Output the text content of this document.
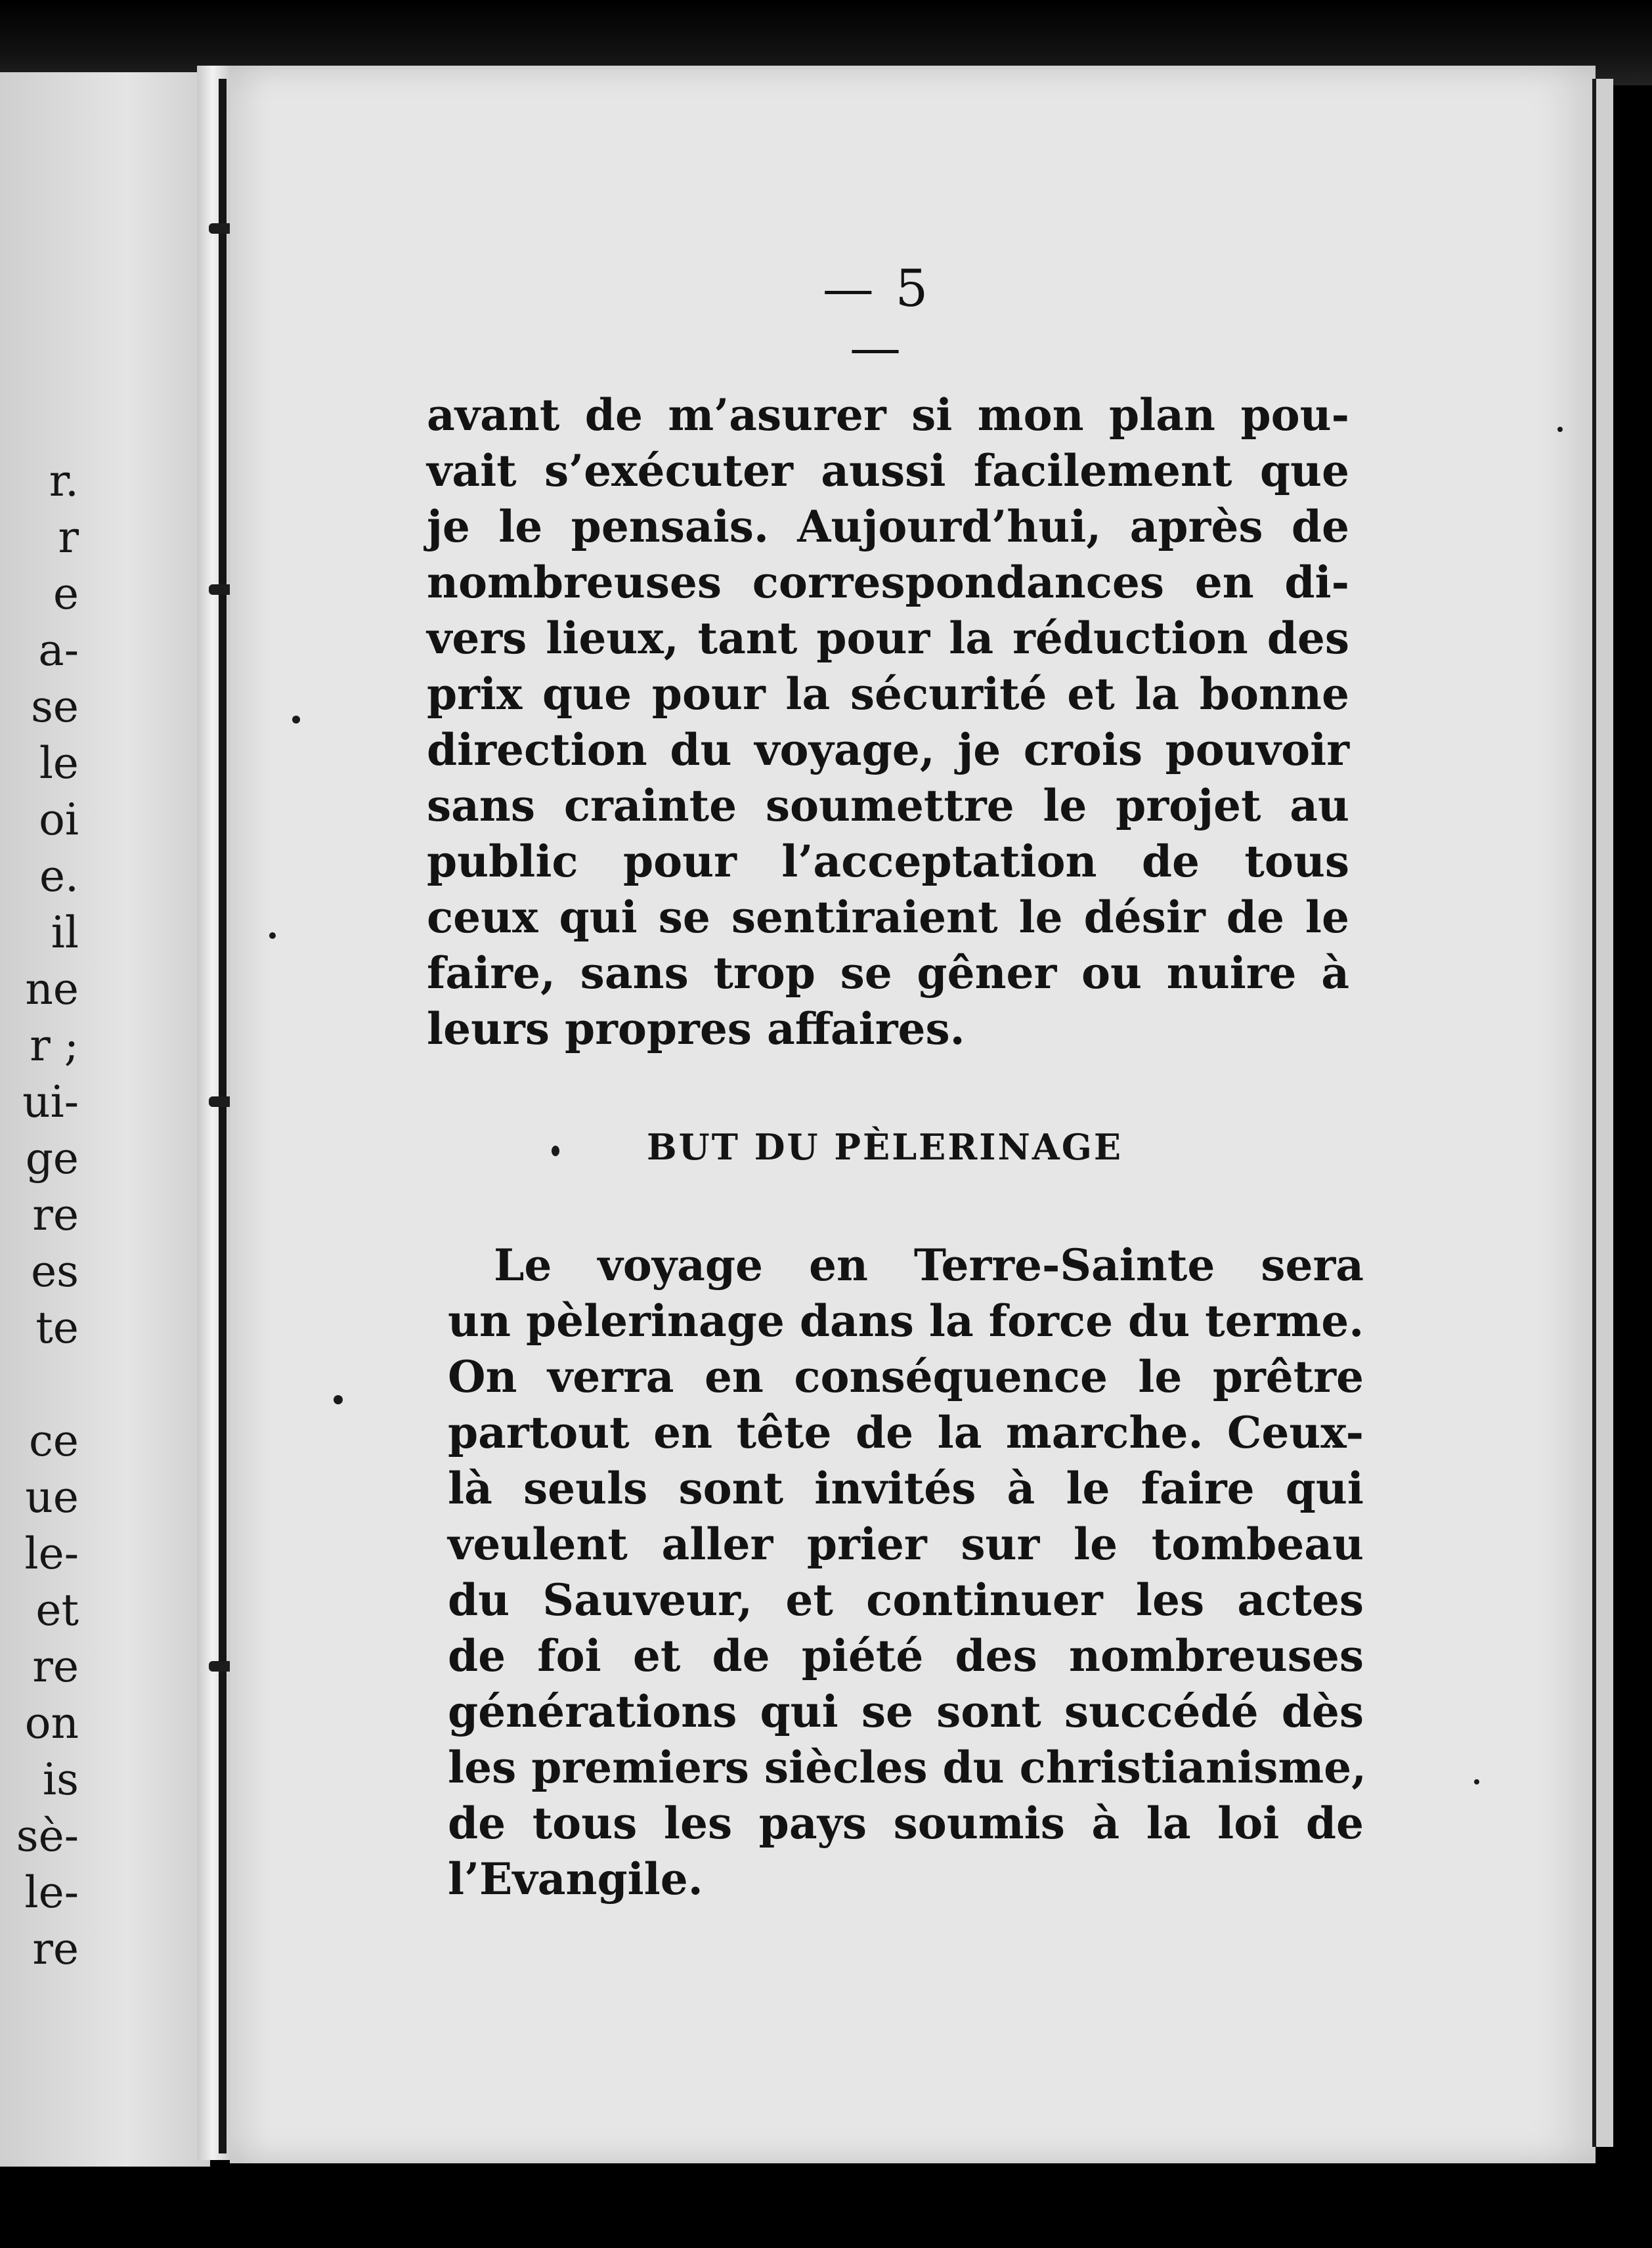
r.
r
e
a-
se
le
oi
e.
il
ne
r ;
ui-
ge
re
es
te

ce
ue
le-
et
re
on
is
sè-
le-
re
— 5 —
avant de m’asurer si mon plan pou-
vait s’exécuter aussi facilement que
je le pensais. Aujourd’hui, après de
nombreuses correspondances en di-
vers lieux, tant pour la réduction des
prix que pour la sécurité et la bonne
direction du voyage, je crois pouvoir
sans crainte soumettre le projet au
public pour l’acceptation de tous
ceux qui se sentiraient le désir de le
faire, sans trop se gêner ou nuire à
leurs propres affaires.
BUT DU PÈLERINAGE
Le voyage en Terre-Sainte sera
un pèlerinage dans la force du terme.
On verra en conséquence le prêtre
partout en tête de la marche. Ceux-
là seuls sont invités à le faire qui
veulent aller prier sur le tombeau
du Sauveur, et continuer les actes
de foi et de piété des nombreuses
générations qui se sont succédé dès
les premiers siècles du christianisme,
de tous les pays soumis à la loi de
l’Evangile.
